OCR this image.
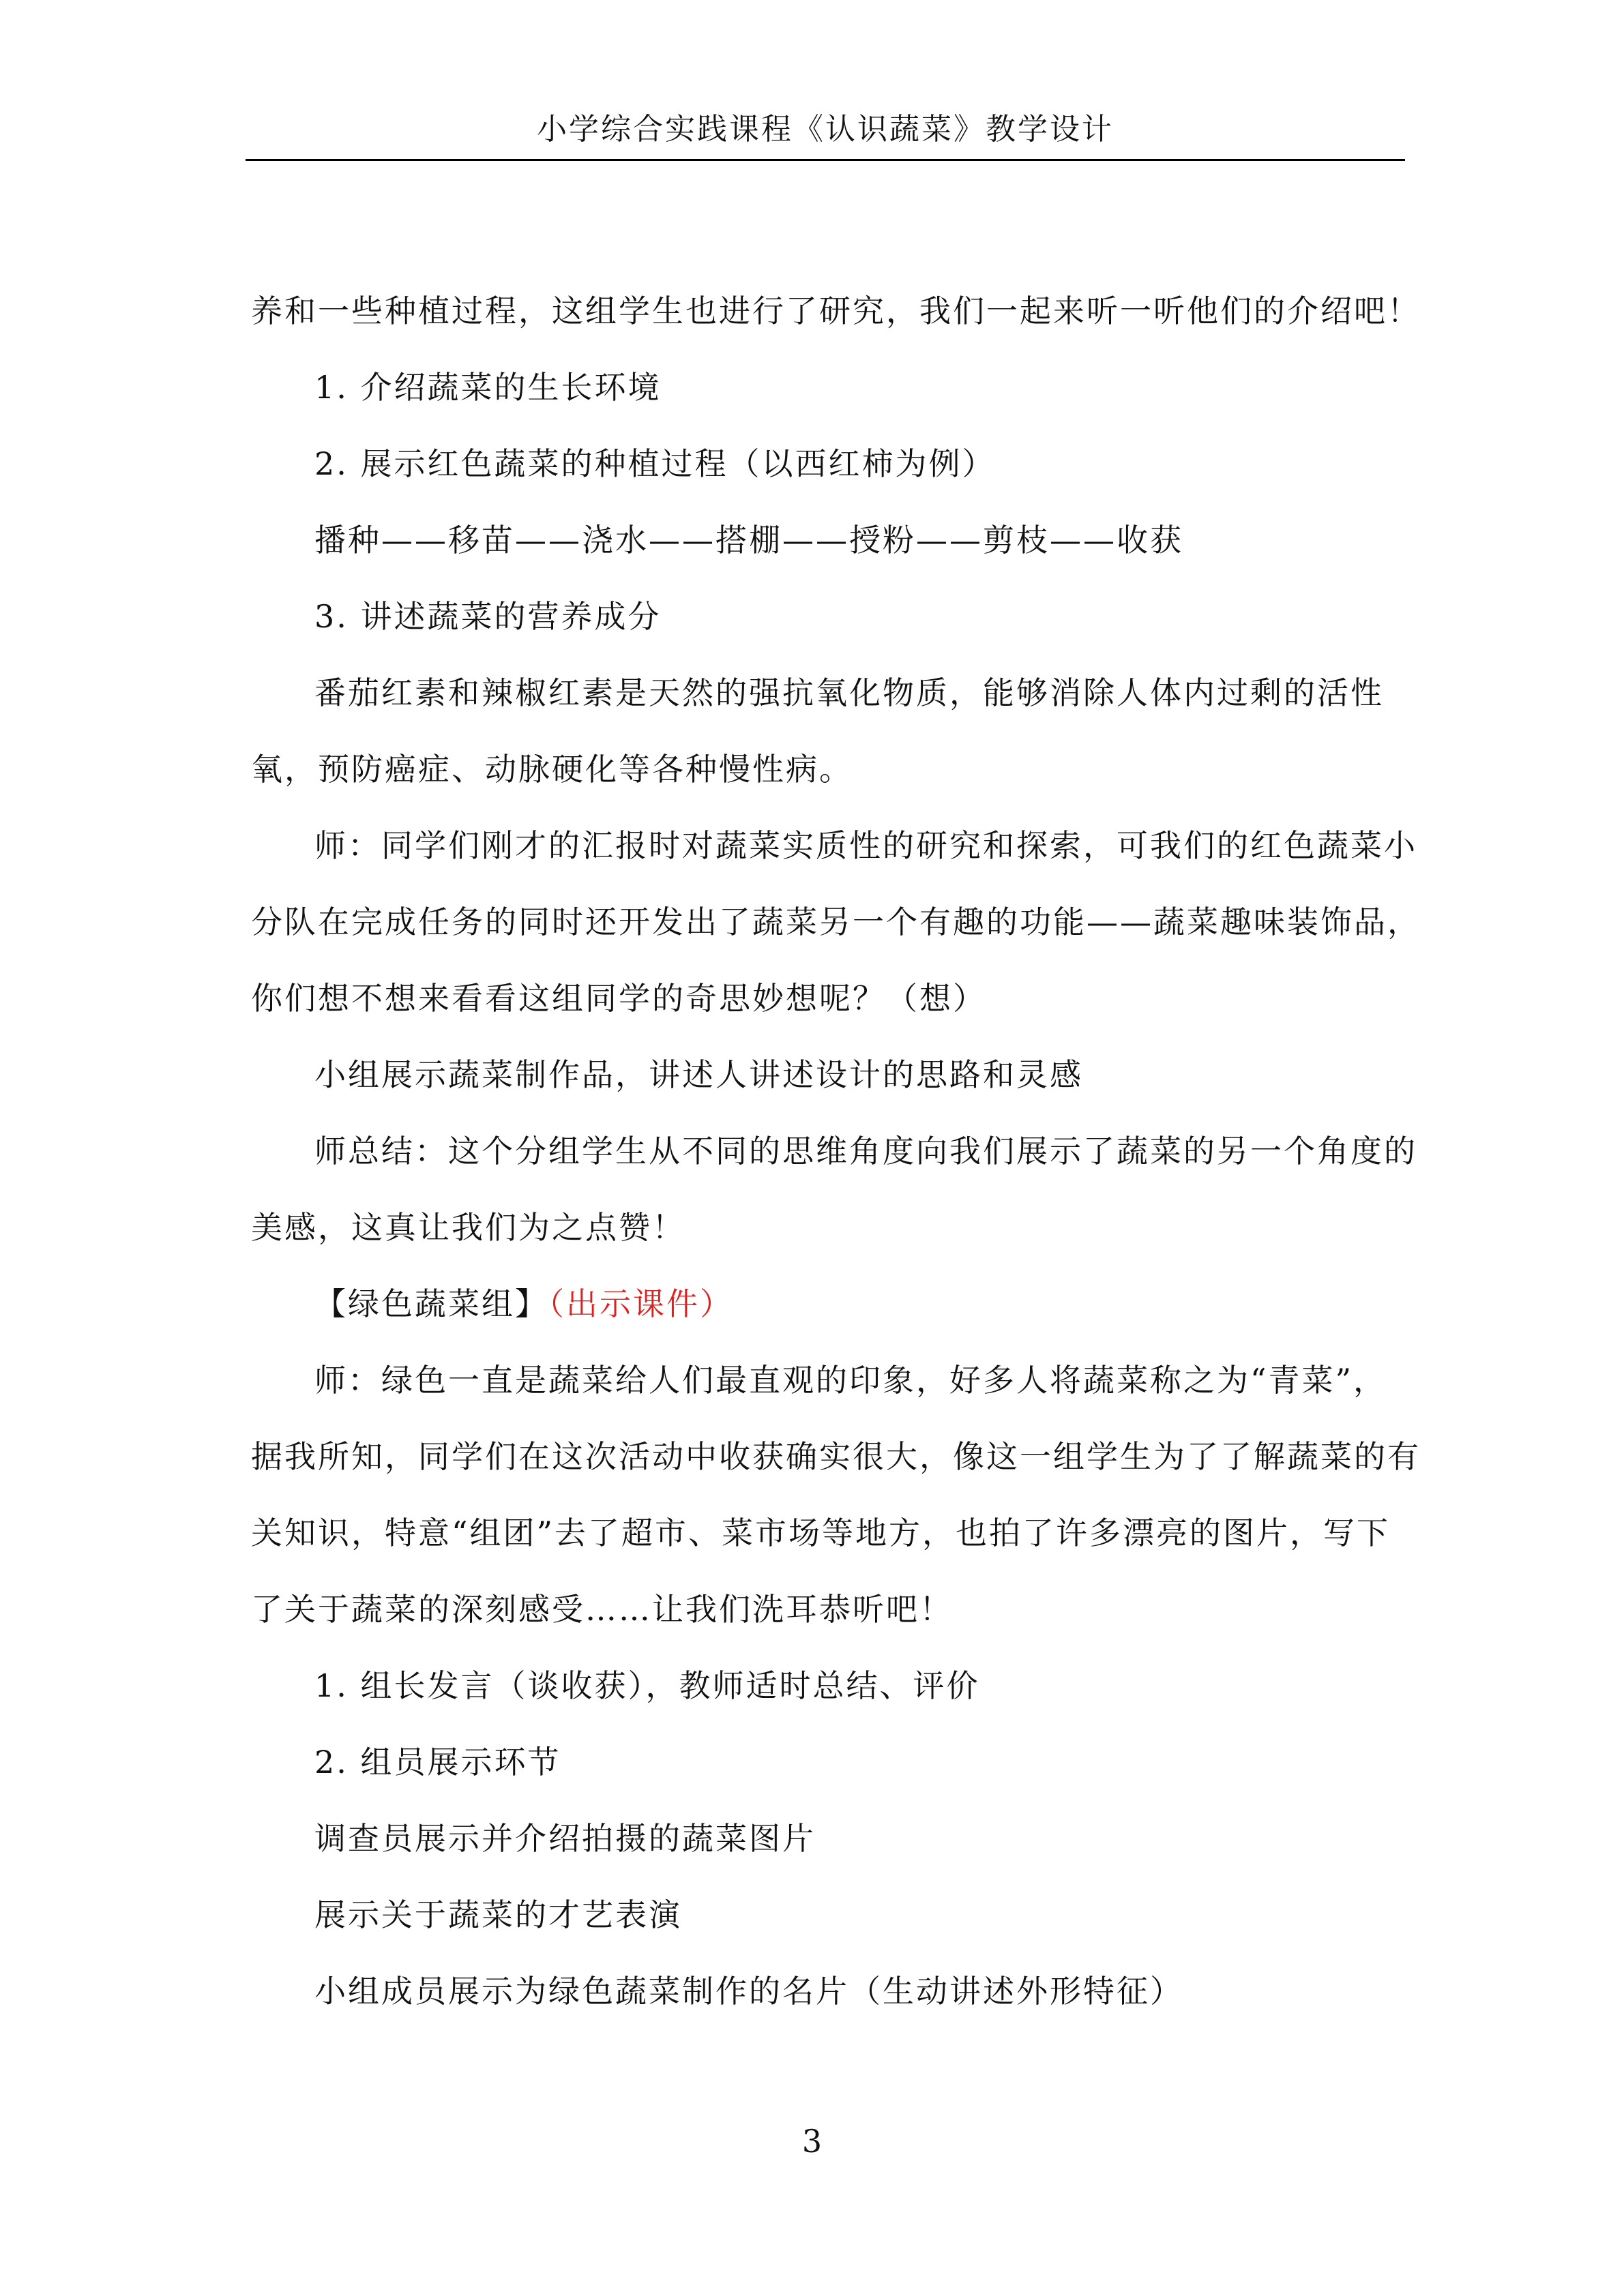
小学综合实践课程《认识蔬菜》教学设计
养和一些种植过程，这组学生也进行了研究，我们一起来听一听他们的介绍吧！
1. 介绍蔬菜的生长环境
2. 展示红色蔬菜的种植过程（以西红柿为例）
播种——移苗——浇水——搭棚——授粉——剪枝——收获
3. 讲述蔬菜的营养成分
番茄红素和辣椒红素是天然的强抗氧化物质，能够消除人体内过剩的活性
氧，预防癌症、动脉硬化等各种慢性病。
师：同学们刚才的汇报时对蔬菜实质性的研究和探索，可我们的红色蔬菜小
分队在完成任务的同时还开发出了蔬菜另一个有趣的功能——蔬菜趣味装饰品，
你们想不想来看看这组同学的奇思妙想呢？（想）
小组展示蔬菜制作品，讲述人讲述设计的思路和灵感
师总结：这个分组学生从不同的思维角度向我们展示了蔬菜的另一个角度的
美感，这真让我们为之点赞！
【绿色蔬菜组】（出示课件）
师：绿色一直是蔬菜给人们最直观的印象，好多人将蔬菜称之为“青菜”，
据我所知，同学们在这次活动中收获确实很大，像这一组学生为了了解蔬菜的有
关知识，特意“组团”去了超市、菜市场等地方，也拍了许多漂亮的图片，写下
了关于蔬菜的深刻感受……让我们洗耳恭听吧！
1. 组长发言（谈收获），教师适时总结、评价
2. 组员展示环节
调查员展示并介绍拍摄的蔬菜图片
展示关于蔬菜的才艺表演
小组成员展示为绿色蔬菜制作的名片（生动讲述外形特征）
3
